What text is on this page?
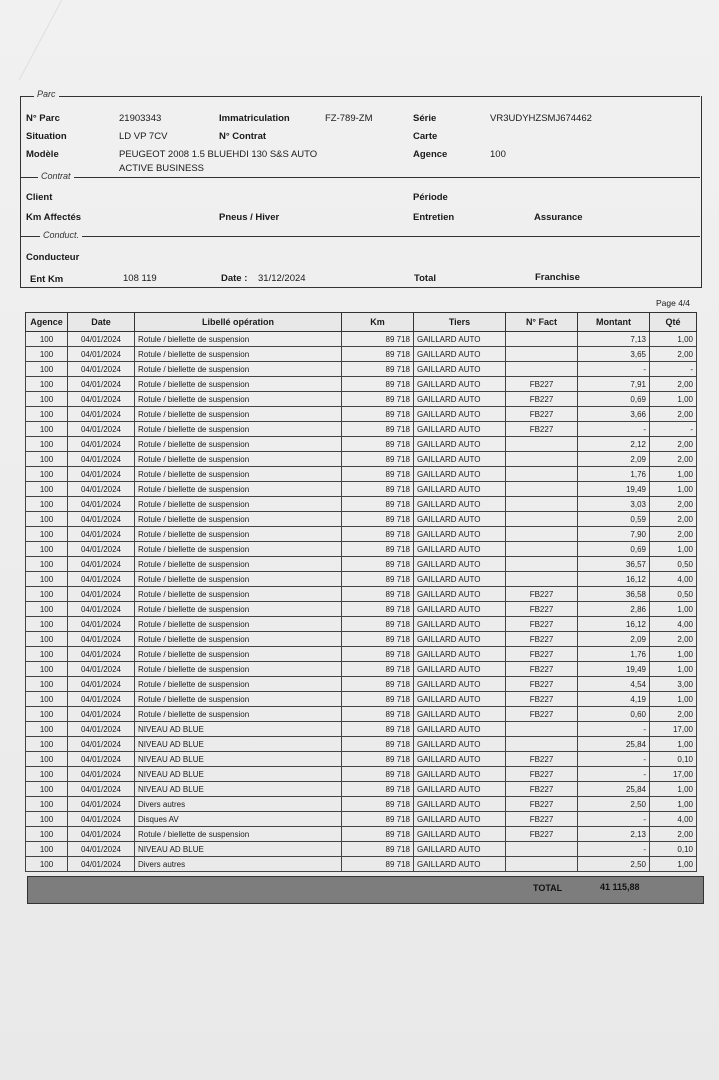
Parc
N° Parc	21903343	Immatriculation	FZ-789-ZM	Série	VR3UDYHZSMJ674462
Situation	LD VP 7CV	N° Contrat	Carte
Modèle	PEUGEOT 2008 1.5 BLUEHDI 130 S&S AUTO
ACTIVE BUSINESS
Agence	100
Contrat
Client	Période
Km Affectés	Pneus / Hiver	Entretien	Assurance
Conduct.
Conducteur
Ent Km	108 119	Date : 31/12/2024	Total	Franchise
Page 4/4
Agence	Date	Libellé opération	Km	Tiers	N° Fact	Montant	Qté
100	04/01/2024	Rotule / biellette de suspension	89 718	GAILLARD AUTO		7,13	1,00
100	04/01/2024	Rotule / biellette de suspension	89 718	GAILLARD AUTO		3,65	2,00
100	04/01/2024	Rotule / biellette de suspension	89 718	GAILLARD AUTO		-	-
100	04/01/2024	Rotule / biellette de suspension	89 718	GAILLARD AUTO	FB227	7,91	2,00
100	04/01/2024	Rotule / biellette de suspension	89 718	GAILLARD AUTO	FB227	0,69	1,00
100	04/01/2024	Rotule / biellette de suspension	89 718	GAILLARD AUTO	FB227	3,66	2,00
100	04/01/2024	Rotule / biellette de suspension	89 718	GAILLARD AUTO	FB227	-	-
100	04/01/2024	Rotule / biellette de suspension	89 718	GAILLARD AUTO		2,12	2,00
100	04/01/2024	Rotule / biellette de suspension	89 718	GAILLARD AUTO		2,09	2,00
100	04/01/2024	Rotule / biellette de suspension	89 718	GAILLARD AUTO		1,76	1,00
100	04/01/2024	Rotule / biellette de suspension	89 718	GAILLARD AUTO		19,49	1,00
100	04/01/2024	Rotule / biellette de suspension	89 718	GAILLARD AUTO		3,03	2,00
100	04/01/2024	Rotule / biellette de suspension	89 718	GAILLARD AUTO		0,59	2,00
100	04/01/2024	Rotule / biellette de suspension	89 718	GAILLARD AUTO		7,90	2,00
100	04/01/2024	Rotule / biellette de suspension	89 718	GAILLARD AUTO		0,69	1,00
100	04/01/2024	Rotule / biellette de suspension	89 718	GAILLARD AUTO		36,57	0,50
100	04/01/2024	Rotule / biellette de suspension	89 718	GAILLARD AUTO		16,12	4,00
100	04/01/2024	Rotule / biellette de suspension	89 718	GAILLARD AUTO	FB227	36,58	0,50
100	04/01/2024	Rotule / biellette de suspension	89 718	GAILLARD AUTO	FB227	2,86	1,00
100	04/01/2024	Rotule / biellette de suspension	89 718	GAILLARD AUTO	FB227	16,12	4,00
100	04/01/2024	Rotule / biellette de suspension	89 718	GAILLARD AUTO	FB227	2,09	2,00
100	04/01/2024	Rotule / biellette de suspension	89 718	GAILLARD AUTO	FB227	1,76	1,00
100	04/01/2024	Rotule / biellette de suspension	89 718	GAILLARD AUTO	FB227	19,49	1,00
100	04/01/2024	Rotule / biellette de suspension	89 718	GAILLARD AUTO	FB227	4,54	3,00
100	04/01/2024	Rotule / biellette de suspension	89 718	GAILLARD AUTO	FB227	4,19	1,00
100	04/01/2024	Rotule / biellette de suspension	89 718	GAILLARD AUTO	FB227	0,60	2,00
100	04/01/2024	NIVEAU AD BLUE	89 718	GAILLARD AUTO		-	17,00
100	04/01/2024	NIVEAU AD BLUE	89 718	GAILLARD AUTO		25,84	1,00
100	04/01/2024	NIVEAU AD BLUE	89 718	GAILLARD AUTO	FB227	-	0,10
100	04/01/2024	NIVEAU AD BLUE	89 718	GAILLARD AUTO	FB227	-	17,00
100	04/01/2024	NIVEAU AD BLUE	89 718	GAILLARD AUTO	FB227	25,84	1,00
100	04/01/2024	Divers autres	89 718	GAILLARD AUTO	FB227	2,50	1,00
100	04/01/2024	Disques AV	89 718	GAILLARD AUTO	FB227	-	4,00
100	04/01/2024	Rotule / biellette de suspension	89 718	GAILLARD AUTO	FB227	2,13	2,00
100	04/01/2024	NIVEAU AD BLUE	89 718	GAILLARD AUTO		-	0,10
100	04/01/2024	Divers autres	89 718	GAILLARD AUTO		2,50	1,00
TOTAL	41 115,88
